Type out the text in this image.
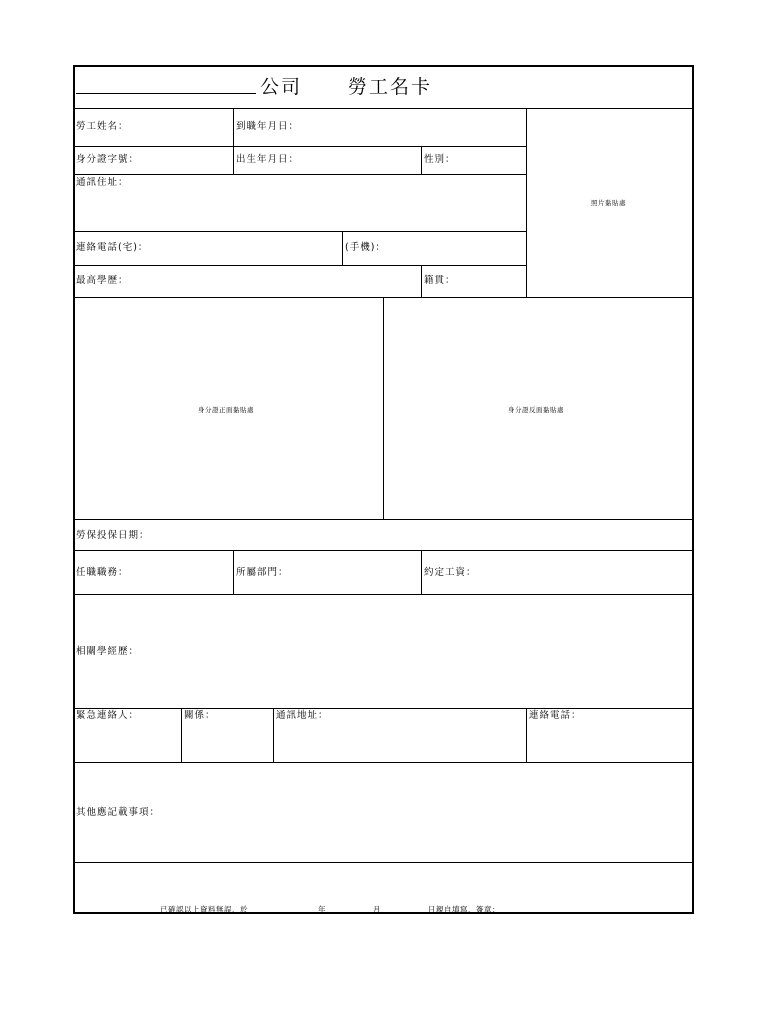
公司 勞工名卡
勞工姓名：	到職年月日：
身分證字號：	出生年月日：	性別：
通訊住址：
連絡電話(宅)：	(手機)：
最高學歷：	籍貫：
照片黏貼處
身分證正面黏貼處	身分證反面黏貼處
勞保投保日期：
任職職務：	所屬部門：	約定工資：
相關學經歷：
緊急連絡人：	關係：	通訊地址：	連絡電話：
其他應記載事項：
已確認以上資料無誤，於	年	月	日親自填寫，簽章：
